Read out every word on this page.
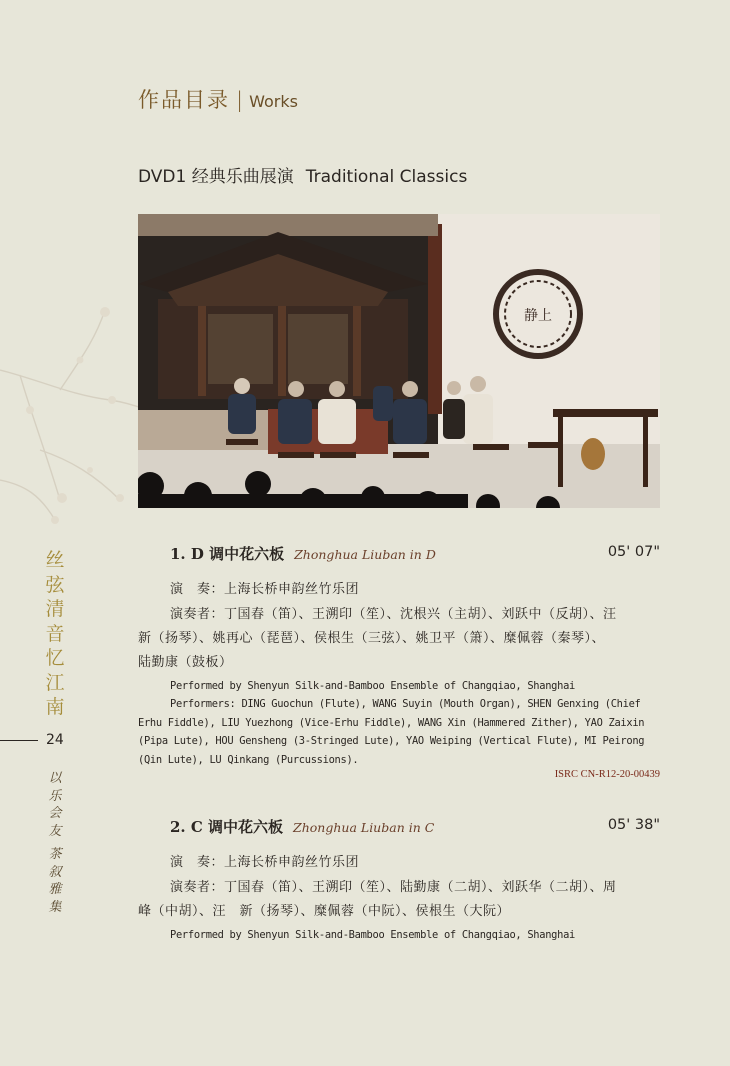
作品目录 | Works
DVD1 经典乐曲展演 Traditional Classics
静上
丝
弦
清
音
忆
江
南
24
以
乐
会
友
茶
叙
雅
集
1. D 调中花六板 Zhonghua Liuban in D	05' 07"
演　奏：上海长桥申韵丝竹乐团
演奏者：丁国春（笛）、王溯印（笙）、沈根兴（主胡）、刘跃中（反胡）、汪
新（扬琴）、姚再心（琵琶）、侯根生（三弦）、姚卫平（箫）、糜佩蓉（秦琴）、
陆勤康（鼓板）
Performed by Shenyun Silk-and-Bamboo Ensemble of Changqiao, Shanghai
Performers: DING Guochun (Flute), WANG Suyin (Mouth Organ), SHEN Genxing (Chief Erhu Fiddle), LIU Yuezhong (Vice-Erhu Fiddle), WANG Xin (Hammered Zither), YAO Zaixin (Pipa Lute), HOU Gensheng (3-Stringed Lute), YAO Weiping (Vertical Flute), MI Peirong (Qin Lute), LU Qinkang (Purcussions).
ISRC CN-R12-20-00439
2. C 调中花六板 Zhonghua Liuban in C	05' 38"
演　奏：上海长桥申韵丝竹乐团
演奏者：丁国春（笛）、王溯印（笙）、陆勤康（二胡）、刘跃华（二胡）、周
峰（中胡）、汪　新（扬琴）、糜佩蓉（中阮）、侯根生（大阮）
Performed by Shenyun Silk-and-Bamboo Ensemble of Changqiao, Shanghai
